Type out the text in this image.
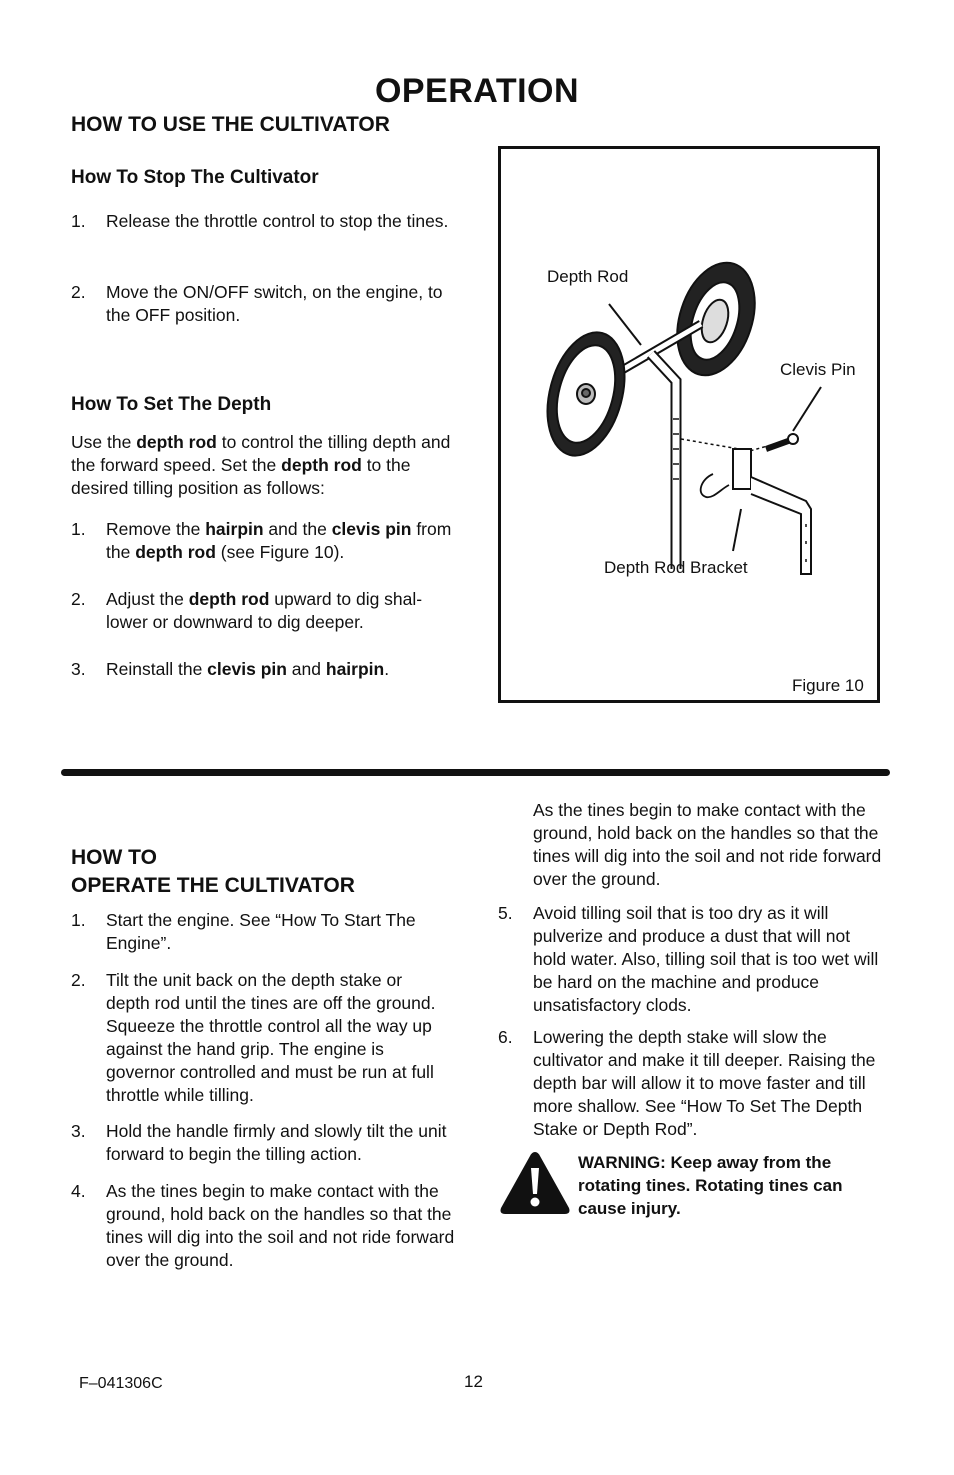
OPERATION
HOW TO USE THE CULTIVATOR
How To Stop The Cultivator
1. Release the throttle control to stop the tines.
2. Move the ON/OFF switch, on the engine, to the OFF position.
How To Set The Depth

Use the depth rod to control the tilling depth and the forward speed. Set the depth rod to the desired tilling position as follows:

1. Remove the hairpin and the clevis pin from the depth rod (see Figure 10).
2. Adjust the depth rod upward to dig shal-lower or downward to dig deeper.
3. Reinstall the clevis pin and hairpin.
Depth Rod
Clevis Pin
Depth Rod Bracket
Figure 10
HOW TO
OPERATE THE CULTIVATOR
1. Start the engine. See “How To Start The Engine”.
2. Tilt the unit back on the depth stake or depth rod until the tines are off the ground. Squeeze the throttle control all the way up against the hand grip. The engine is governor controlled and must be run at full throttle while tilling.
3. Hold the handle firmly and slowly tilt the unit forward to begin the tilling action.
4. As the tines begin to make contact with the ground, hold back on the handles so that the tines will dig into the soil and not ride forward over the ground.
As the tines begin to make contact with the ground, hold back on the handles so that the tines will dig into the soil and not ride forward over the ground.
5. Avoid tilling soil that is too dry as it will pulverize and produce a dust that will not hold water. Also, tilling soil that is too wet will be hard on the machine and produce unsatisfactory clods.
6. Lowering the depth stake will slow the cultivator and make it till deeper. Raising the depth bar will allow it to move faster and till more shallow. See “How To Set The Depth Stake or Depth Rod”.
WARNING: Keep away from the rotating tines. Rotating tines can cause injury.
F–041306C	12
